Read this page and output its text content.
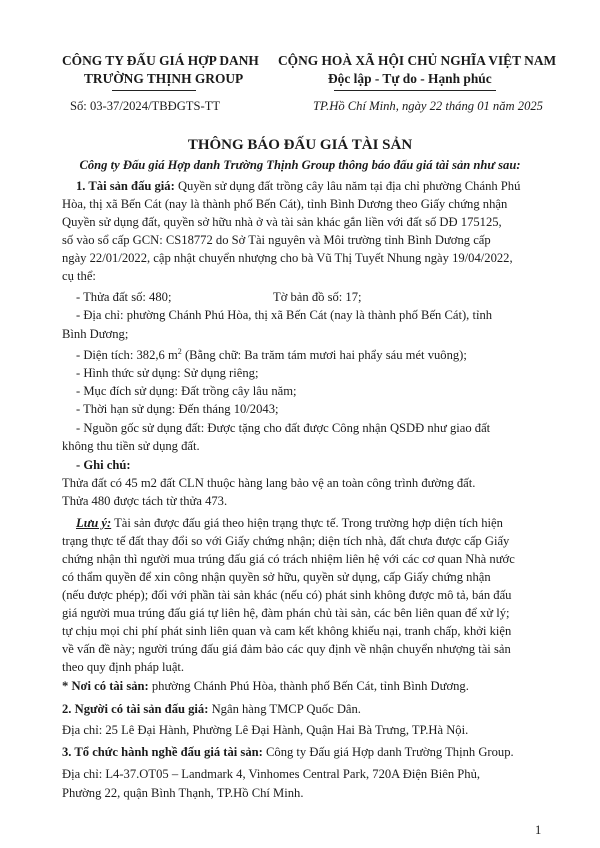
CÔNG TY ĐẤU GIÁ HỢP DANH
TRƯỜNG THỊNH GROUP
Số: 03-37/2024/TBĐGTS-TT
CỘNG HOÀ XÃ HỘI CHỦ NGHĨA VIỆT NAM
Độc lập - Tự do - Hạnh phúc
TP.Hồ Chí Minh, ngày 22 tháng 01 năm 2025
THÔNG BÁO ĐẤU GIÁ TÀI SẢN
Công ty Đấu giá Hợp danh Trường Thịnh Group thông báo đấu giá tài sản như sau:
1. Tài sản đấu giá: Quyền sử dụng đất trồng cây lâu năm tại địa chỉ phường Chánh Phú
Hòa, thị xã Bến Cát (nay là thành phố Bến Cát), tỉnh Bình Dương theo Giấy chứng nhận
Quyền sử dụng đất, quyền sở hữu nhà ở và tài sản khác gắn liền với đất số DĐ 175125,
số vào sổ cấp GCN: CS18772 do Sở Tài nguyên và Môi trường tỉnh Bình Dương cấp
ngày 22/01/2022, cập nhật chuyển nhượng cho bà Vũ Thị Tuyết Nhung ngày 19/04/2022,
cụ thể:
- Thửa đất số: 480;	Tờ bản đồ số: 17;
- Địa chỉ: phường Chánh Phú Hòa, thị xã Bến Cát (nay là thành phố Bến Cát), tỉnh
Bình Dương;
- Diện tích: 382,6 $m^2$ (Bằng chữ: Ba trăm tám mươi hai phẩy sáu mét vuông);
- Hình thức sử dụng: Sử dụng riêng;
- Mục đích sử dụng: Đất trồng cây lâu năm;
- Thời hạn sử dụng: Đến tháng 10/2043;
- Nguồn gốc sử dụng đất: Được tặng cho đất được Công nhận QSDĐ như giao đất
không thu tiền sử dụng đất.
- Ghi chú:
Thửa đất có 45 m2 đất CLN thuộc hàng lang bảo vệ an toàn công trình đường đất.
Thửa 480 được tách từ thửa 473.
Lưu ý: Tài sản được đấu giá theo hiện trạng thực tế. Trong trường hợp diện tích hiện
trạng thực tế đất thay đổi so với Giấy chứng nhận; diện tích nhà, đất chưa được cấp Giấy
chứng nhận thì người mua trúng đấu giá có trách nhiệm liên hệ với các cơ quan Nhà nước
có thẩm quyền để xin công nhận quyền sở hữu, quyền sử dụng, cấp Giấy chứng nhận
(nếu được phép); đối với phần tài sản khác (nếu có) phát sinh không được mô tả, bán đấu
giá người mua trúng đấu giá tự liên hệ, đàm phán chủ tài sản, các bên liên quan để xử lý;
tự chịu mọi chi phí phát sinh liên quan và cam kết không khiếu nại, tranh chấp, khởi kiện
về vấn đề này; người trúng đấu giá đảm bảo các quy định về nhận chuyển nhượng tài sản
theo quy định pháp luật.
* Nơi có tài sản: phường Chánh Phú Hòa, thành phố Bến Cát, tỉnh Bình Dương.
2. Người có tài sản đấu giá: Ngân hàng TMCP Quốc Dân.
Địa chỉ: 25 Lê Đại Hành, Phường Lê Đại Hành, Quận Hai Bà Trưng, TP.Hà Nội.
3. Tổ chức hành nghề đấu giá tài sản: Công ty Đấu giá Hợp danh Trường Thịnh Group.
Địa chỉ: L4-37.OT05 – Landmark 4, Vinhomes Central Park, 720A Điện Biên Phủ,
Phường 22, quận Bình Thạnh, TP.Hồ Chí Minh.
1
